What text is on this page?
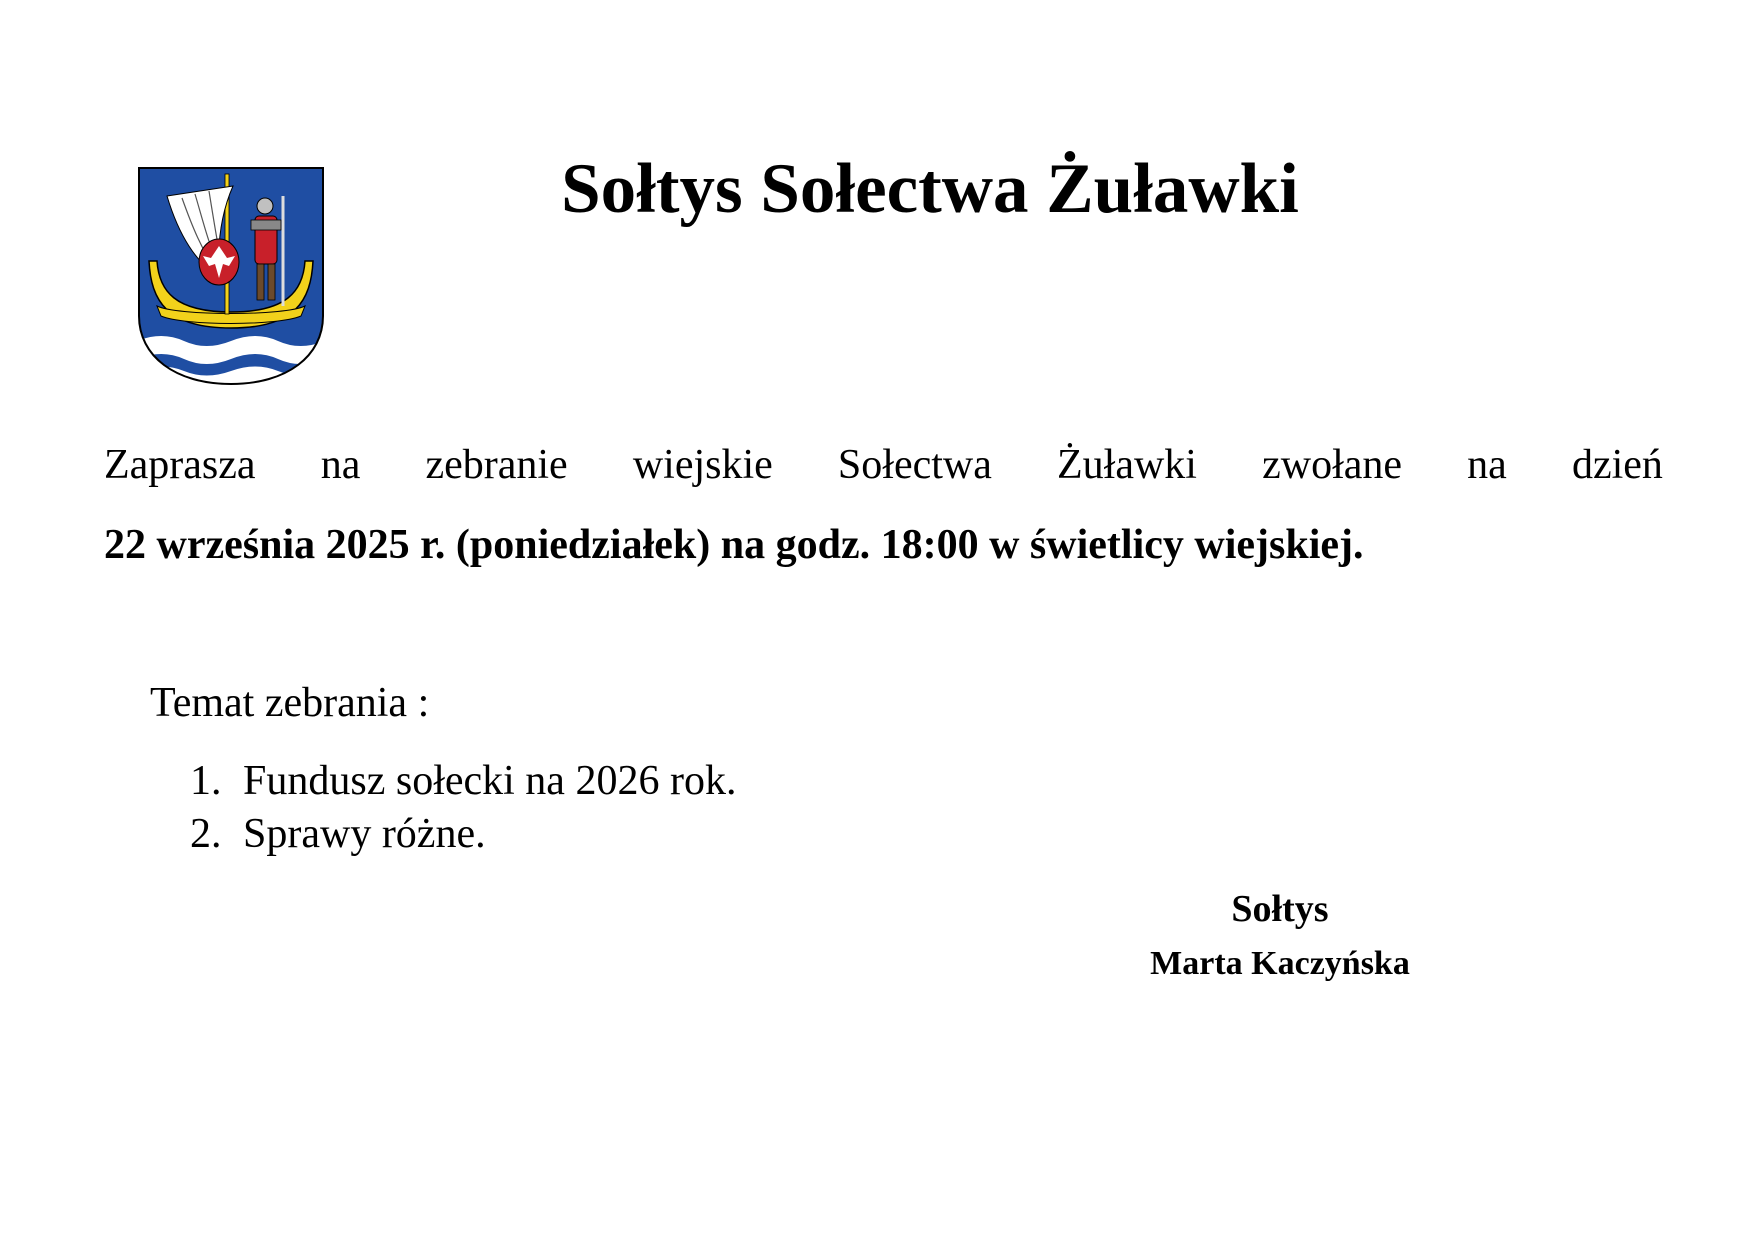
Sołtys Sołectwa Żuławki
Zaprasza na zebranie wiejskie Sołectwa Żuławki zwołane na dzień
22 września 2025 r. (poniedziałek) na godz. 18:00 w świetlicy wiejskiej.
Temat zebrania :
1. Fundusz sołecki na 2026 rok.
2. Sprawy różne.
Sołtys
Marta Kaczyńska
